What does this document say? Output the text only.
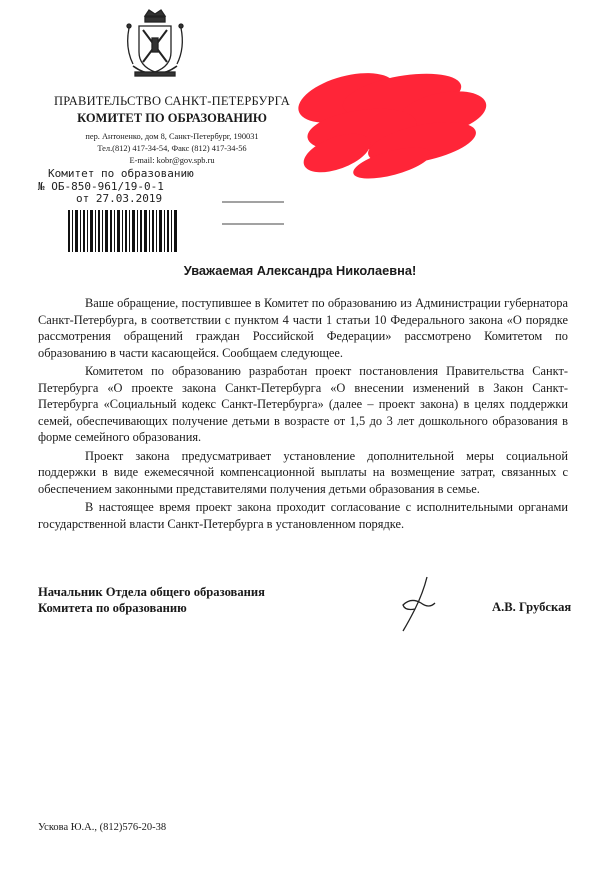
ПРАВИТЕЛЬСТВО САНКТ-ПЕТЕРБУРГА
КОМИТЕТ ПО ОБРАЗОВАНИЮ
пер. Антоненко, дом 8, Санкт-Петербург, 190031
Тел.(812) 417-34-54, Факс (812) 417-34-56
E-mail: kobr@gov.spb.ru
Комитет по образованию
№ ОБ-850-961/19-0-1
от 27.03.2019
Уважаемая Александра Николаевна!

Ваше обращение, поступившее в Комитет по образованию из Администрации губернатора Санкт-Петербурга, в соответствии с пунктом 4 части 1 статьи 10 Федерального закона «О порядке рассмотрения обращений граждан Российской Федерации» рассмотрено Комитетом по образованию в части касающейся. Сообщаем следующее.

Комитетом по образованию разработан проект постановления Правительства Санкт-Петербурга «О проекте закона Санкт-Петербурга «О внесении изменений в Закон Санкт-Петербурга «Социальный кодекс Санкт-Петербурга» (далее – проект закона) в целях поддержки семей, обеспечивающих получение детьми в возрасте от 1,5 до 3 лет дошкольного образования в форме семейного образования.

Проект закона предусматривает установление дополнительной меры социальной поддержки в виде ежемесячной компенсационной выплаты на возмещение затрат, связанных с обеспечением законными представителями получения детьми образования в семье.

В настоящее время проект закона проходит согласование с исполнительными органами государственной власти Санкт-Петербурга в установленном порядке.

Начальник Отдела общего образования
Комитета по образованию	А.В. Грубская
Ускова Ю.А., (812)576-20-38
